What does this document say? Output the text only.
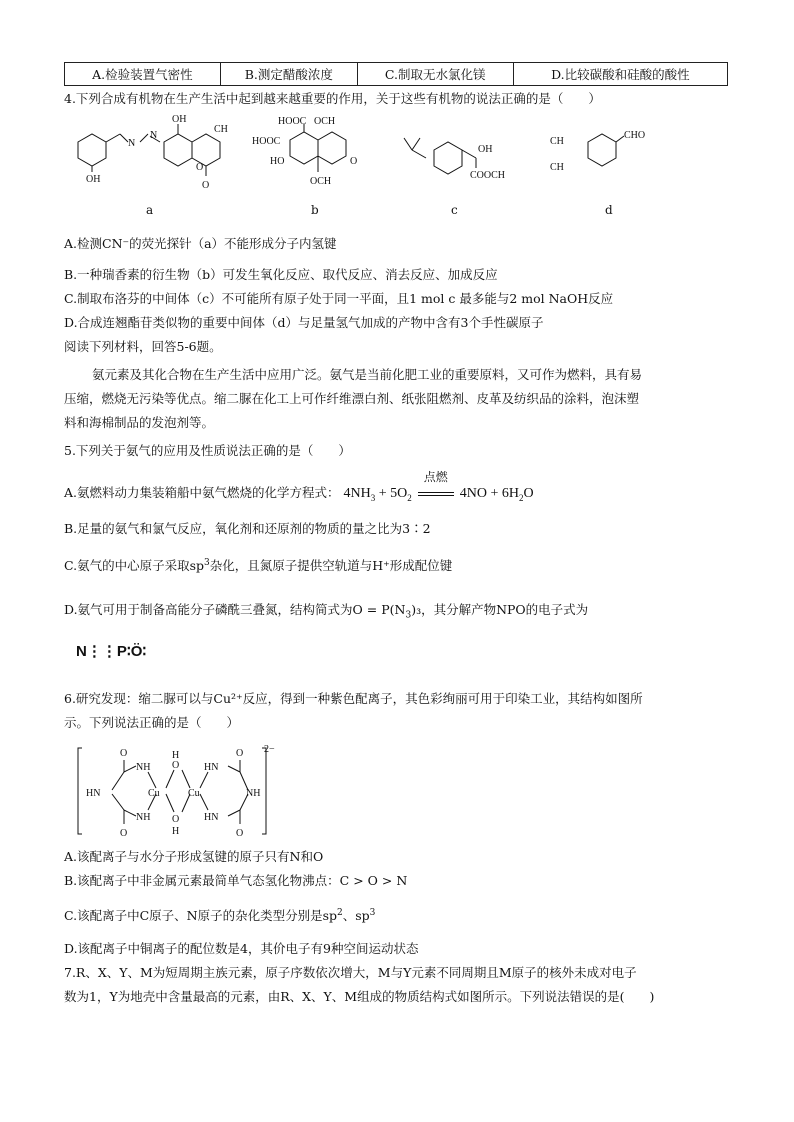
A.检验装置气密性	B.测定醋酸浓度	C.制取无水氯化镁	D.比较碳酸和硅酸的酸性
4.下列合成有机物在生产生活中起到越来越重要的作用，关于这些有机物的说法正确的是（　　）
N
N
OH
OH
CH
O
O
a
HOOC
HOOC
OCH
HO
OCH
O
b
OH
COOCH
c
CH
CH
CHO
d
A.检测CN⁻的荧光探针（a）不能形成分子内氢键
B.一种瑞香素的衍生物（b）可发生氧化反应、取代反应、消去反应、加成反应
C.制取布洛芬的中间体（c）不可能所有原子处于同一平面，且1 mol c 最多能与2 mol NaOH反应
D.合成连翘酯苷类似物的重要中间体（d）与足量氢气加成的产物中含有3个手性碳原子
阅读下列材料，回答5-6题。
氨元素及其化合物在生产生活中应用广泛。氨气是当前化肥工业的重要原料，又可作为燃料，具有易
压缩，燃烧无污染等优点。缩二脲在化工上可作纤维漂白剂、纸张阻燃剂、皮革及纺织品的涂料，泡沫塑
料和海棉制品的发泡剂等。
5.下列关于氨气的应用及性质说法正确的是（　　）
A.氨燃料动力集装箱船中氨气燃烧的化学方程式： $4NH_3 + 5O_2$
点燃
$4NO + 6H_2O$
B.足量的氨气和氯气反应，氧化剂和还原剂的物质的量之比为3∶2
C.氨气的中心原子采取$sp^3$杂化，且氮原子提供空轨道与H⁺形成配位键
D.氨气可用于制备高能分子磷酰三叠氮，结构简式为$O = P(N_3)_3$，其分解产物NPO的电子式为
N⋮⋮P∶Ö∶
6.研究发现：缩二脲可以与Cu²⁺反应，得到一种紫色配离子，其色彩绚丽可用于印染工业，其结构如图所
示。下列说法正确的是（　　）
O
NH
HN
NH
O
Cu
H
O
O
H
Cu
HN
HN
NH
O
O
2−
A.该配离子与水分子形成氢键的原子只有N和O
B.该配离子中非金属元素最简单气态氢化物沸点：C > O > N
C.该配离子中C原子、N原子的杂化类型分别是$sp^2$、$sp^3$
D.该配离子中铜离子的配位数是4，其价电子有9种空间运动状态
7.R、X、Y、M为短周期主族元素，原子序数依次增大，M与Y元素不同周期且M原子的核外未成对电子
数为1，Y为地壳中含量最高的元素，由R、X、Y、M组成的物质结构式如图所示。下列说法错误的是(　　)
